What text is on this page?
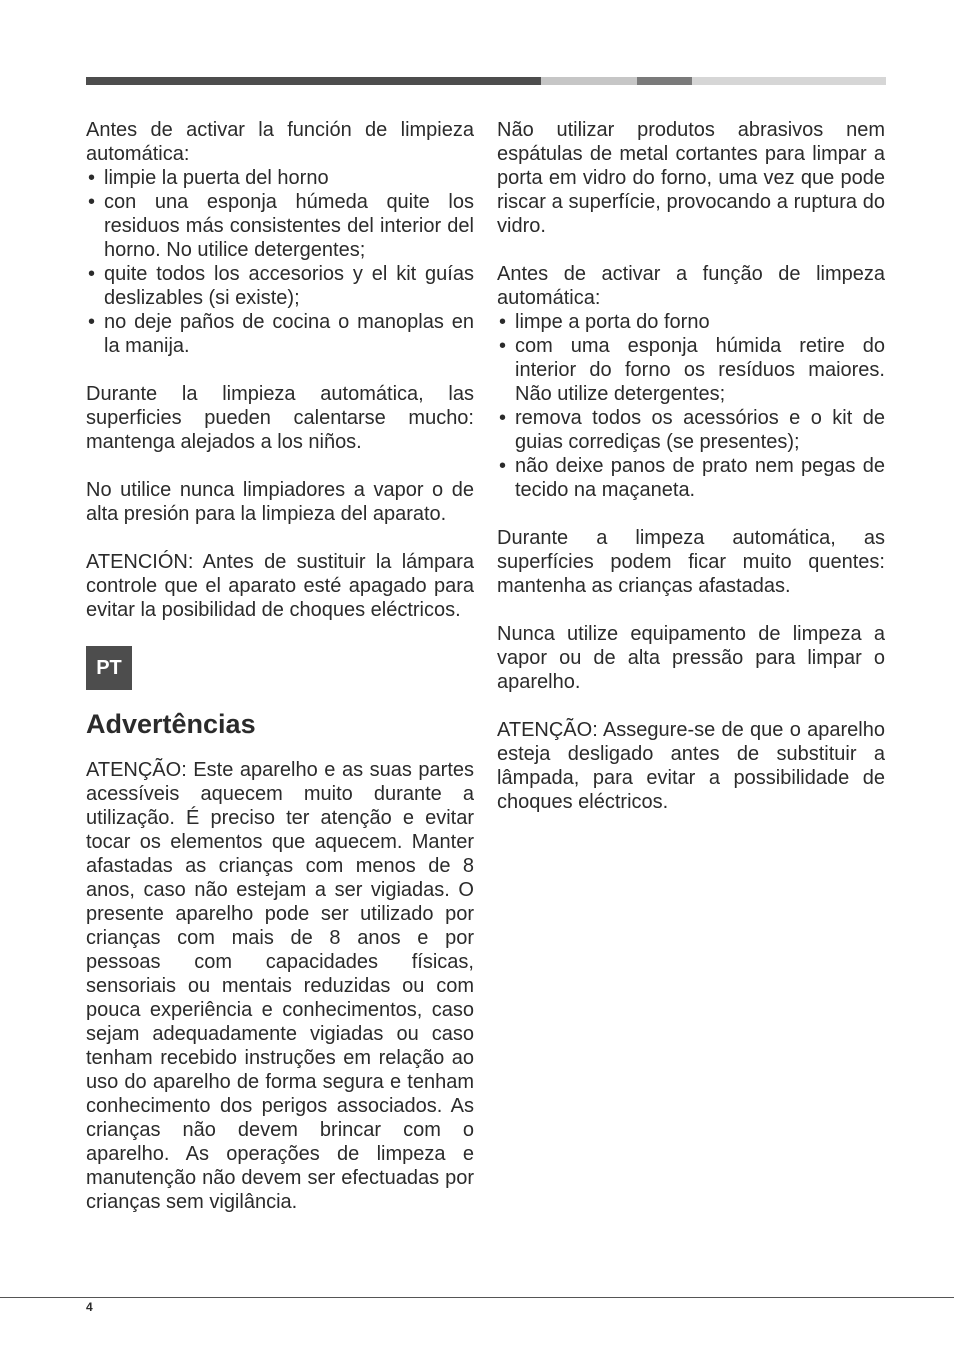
Antes de activar la función de limpieza automática:

• limpie la puerta del horno
• con una esponja húmeda quite los residuos más consistentes del interior del horno. No utilice detergentes;
• quite todos los accesorios y el kit guías deslizables (si existe);
• no deje paños de cocina o manoplas en la manija.

Durante la limpieza automática, las superficies pueden calentarse mucho: mantenga alejados a los niños.

No utilice nunca limpiadores a vapor o de alta presión para la limpieza del aparato.

ATENCIÓN: Antes de sustituir la lámpara controle que el aparato esté apagado para evitar la posibilidad de choques eléctricos.

PT
Advertências

ATENÇÃO: Este aparelho e as suas partes acessíveis aquecem muito durante a utilização. É preciso ter atenção e evitar tocar os elementos que aquecem. Manter afastadas as crianças com menos de 8 anos, caso não estejam a ser vigiadas. O presente aparelho pode ser utilizado por crianças com mais de 8 anos e por pessoas com capacidades físicas, sensoriais ou mentais reduzidas ou com pouca experiência e conhecimentos, caso sejam adequadamente vigiadas ou caso tenham recebido instruções em relação ao uso do aparelho de forma segura e tenham conhecimento dos perigos associados. As crianças não devem brincar com o aparelho. As operações de limpeza e manutenção não devem ser efectuadas por crianças sem vigilância.

Não utilizar produtos abrasivos nem espátulas de metal cortantes para limpar a porta em vidro do forno, uma vez que pode riscar a superfície, provocando a ruptura do vidro.

Antes de activar a função de limpeza automática:

• limpe a porta do forno
• com uma esponja húmida retire do interior do forno os resíduos maiores. Não utilize detergentes;
• remova todos os acessórios e o kit de guias corrediças (se presentes);
• não deixe panos de prato nem pegas de tecido na maçaneta.

Durante a limpeza automática, as superfícies podem ficar muito quentes: mantenha as crianças afastadas.

Nunca utilize equipamento de limpeza a vapor ou de alta pressão para limpar o aparelho.

ATENÇÃO: Assegure-se de que o aparelho esteja desligado antes de substituir a lâmpada, para evitar a possibilidade de choques eléctricos.

4
